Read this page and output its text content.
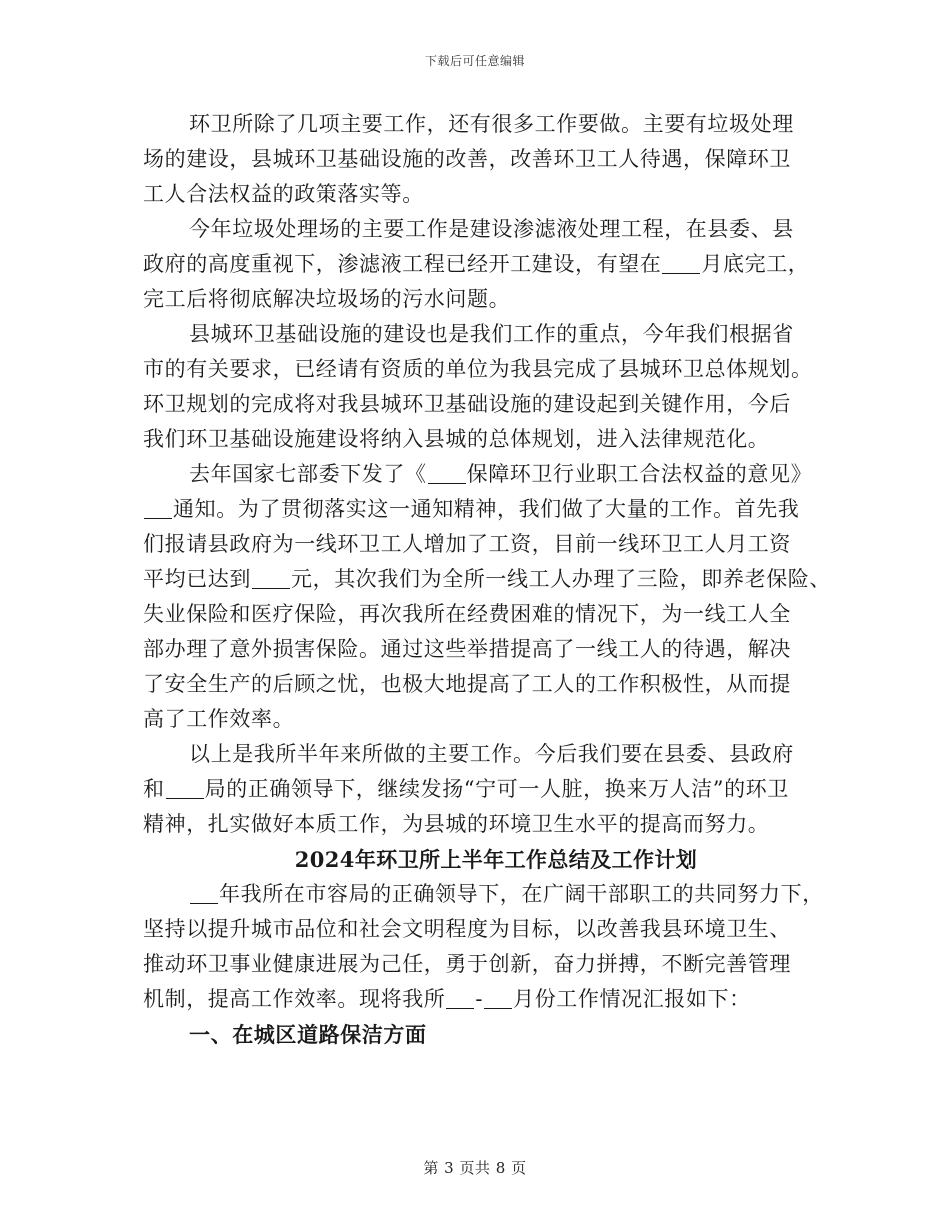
下载后可任意编辑
环卫所除了几项主要工作，还有很多工作要做。主要有垃圾处理
场的建设，县城环卫基础设施的改善，改善环卫工人待遇，保障环卫
工人合法权益的政策落实等。
今年垃圾处理场的主要工作是建设渗滤液处理工程，在县委、县
政府的高度重视下，渗滤液工程已经开工建设，有望在 月底完工，
完工后将彻底解决垃圾场的污水问题。
县城环卫基础设施的建设也是我们工作的重点，今年我们根据省
市的有关要求，已经请有资质的单位为我县完成了县城环卫总体规划。
环卫规划的完成将对我县城环卫基础设施的建设起到关键作用，今后
我们环卫基础设施建设将纳入县城的总体规划，进入法律规范化。
去年国家七部委下发了《 保障环卫行业职工合法权益的意见》
通知。为了贯彻落实这一通知精神，我们做了大量的工作。首先我
们报请县政府为一线环卫工人增加了工资，目前一线环卫工人月工资
平均已达到 元，其次我们为全所一线工人办理了三险，即养老保险、
失业保险和医疗保险，再次我所在经费困难的情况下，为一线工人全
部办理了意外损害保险。通过这些举措提高了一线工人的待遇，解决
了安全生产的后顾之忧，也极大地提高了工人的工作积极性，从而提
高了工作效率。
以上是我所半年来所做的主要工作。今后我们要在县委、县政府
和 局的正确领导下，继续发扬“宁可一人脏，换来万人洁”的环卫
精神，扎实做好本质工作，为县城的环境卫生水平的提高而努力。
2024年环卫所上半年工作总结及工作计划
年我所在市容局的正确领导下，在广阔干部职工的共同努力下，
坚持以提升城市品位和社会文明程度为目标，以改善我县环境卫生、
推动环卫事业健康进展为己任，勇于创新，奋力拼搏，不断完善管理
机制，提高工作效率。现将我所 - 月份工作情况汇报如下：
一、在城区道路保洁方面
第 3 页共 8 页
